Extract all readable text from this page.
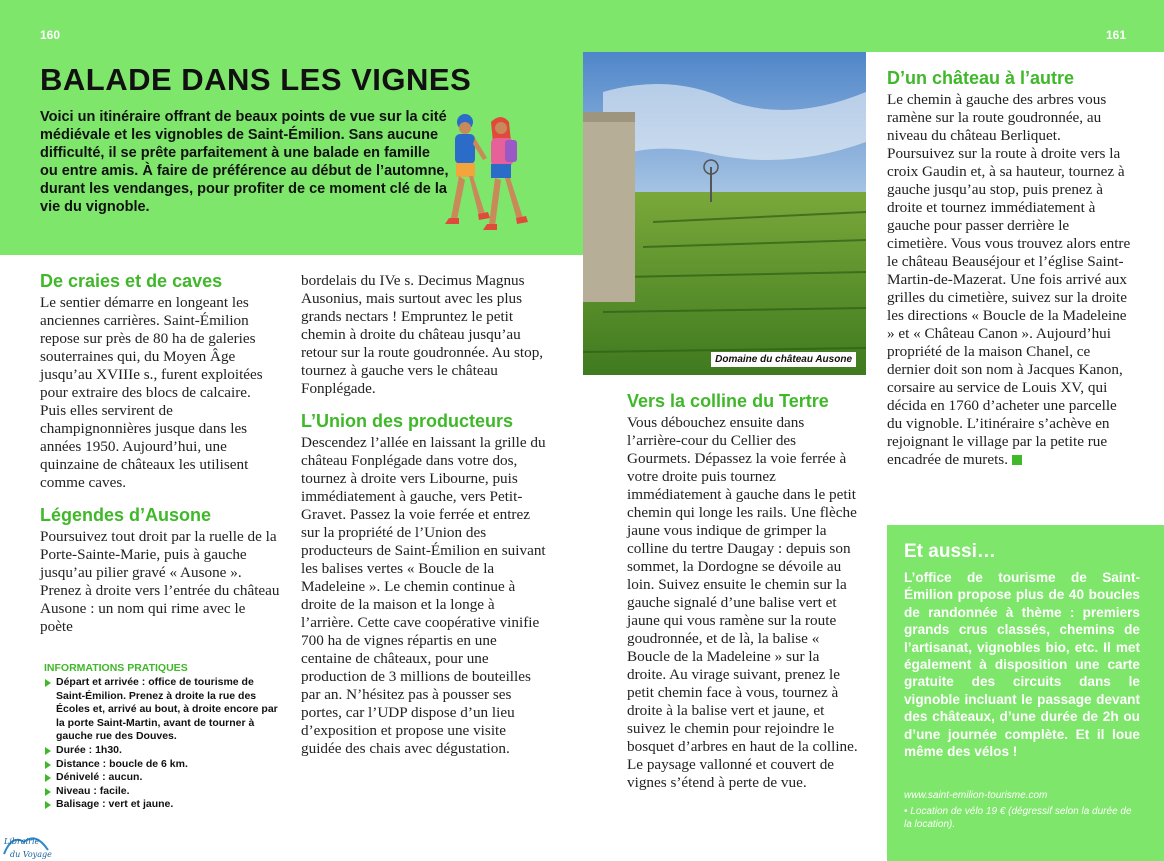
160	161
BALADE DANS LES VIGNES

Voici un itinéraire offrant de beaux points de vue sur la cité médiévale et les vignobles de Saint-Émilion. Sans aucune difficulté, il se prête parfaitement à une balade en famille ou entre amis. À faire de préférence au début de l’automne, durant les vendanges, pour profiter de ce moment clé de la vie du vignoble.

De craies et de caves

Le sentier démarre en longeant les anciennes carrières. Saint-Émilion repose sur près de 80 ha de galeries souterraines qui, du Moyen Âge jusqu’au XVIIIe s., furent exploitées pour extraire des blocs de calcaire. Puis elles servirent de champignonnières jusque dans les années 1950. Aujourd’hui, une quinzaine de châteaux les utilisent comme caves.

Légendes d’Ausone

Poursuivez tout droit par la ruelle de la Porte-Sainte-Marie, puis à gauche jusqu’au pilier gravé « Ausone ». Prenez à droite vers l’entrée du château Ausone : un nom qui rime avec le poète

INFORMATIONS PRATIQUES
Départ et arrivée : office de tourisme de Saint-Émilion. Prenez à droite la rue des Écoles et, arrivé au bout, à droite encore par la porte Saint-Martin, avant de tourner à gauche rue des Douves.
Durée : 1h30.
Distance : boucle de 6 km.
Dénivelé : aucun.
Niveau : facile.
Balisage : vert et jaune.

bordelais du IVe s. Decimus Magnus Ausonius, mais surtout avec les plus grands nectars ! Empruntez le petit chemin à droite du château jusqu’au retour sur la route goudronnée. Au stop, tournez à gauche vers le château Fonplégade.

L’Union des producteurs

Descendez l’allée en laissant la grille du château Fonplégade dans votre dos, tournez à droite vers Libourne, puis immédiatement à gauche, vers Petit-Gravet. Passez la voie ferrée et entrez sur la propriété de l’Union des producteurs de Saint-Émilion en suivant les balises vertes « Boucle de la Madeleine ». Le chemin continue à droite de la maison et la longe à l’arrière. Cette cave coopérative vinifie 700 ha de vignes répartis en une centaine de châteaux, pour une production de 3 millions de bouteilles par an. N’hésitez pas à pousser ses portes, car l’UDP dispose d’un lieu d’exposition et propose une visite guidée des chais avec dégustation.

Domaine du château Ausone
Vers la colline du Tertre

Vous débouchez ensuite dans l’arrière-cour du Cellier des Gourmets. Dépassez la voie ferrée à votre droite puis tournez immédiatement à gauche dans le petit chemin qui longe les rails. Une flèche jaune vous indique de grimper la colline du tertre Daugay : depuis son sommet, la Dordogne se dévoile au loin. Suivez ensuite le chemin sur la gauche signalé d’une balise vert et jaune qui vous ramène sur la route goudronnée, et de là, la balise « Boucle de la Madeleine » sur la droite. Au virage suivant, prenez le petit chemin face à vous, tournez à droite à la balise vert et jaune, et suivez le chemin pour rejoindre le bosquet d’arbres en haut de la colline. Le paysage vallonné et couvert de vignes s’étend à perte de vue.

D’un château à l’autre

Le chemin à gauche des arbres vous ramène sur la route goudronnée, au niveau du château Berliquet. Poursuivez sur la route à droite vers la croix Gaudin et, à sa hauteur, tournez à gauche jusqu’au stop, puis prenez à droite et tournez immédiatement à gauche pour passer derrière le cimetière. Vous vous trouvez alors entre le château Beauséjour et l’église Saint-Martin-de-Mazerat. Une fois arrivé aux grilles du cimetière, suivez sur la droite les directions « Boucle de la Madeleine » et « Château Canon ». Aujourd’hui propriété de la maison Chanel, ce dernier doit son nom à Jacques Kanon, corsaire au service de Louis XV, qui décida en 1760 d’acheter une parcelle du vignoble. L’itinéraire s’achève en rejoignant le village par la petite rue encadrée de murets.

Et aussi…

L’office de tourisme de Saint-Émilion propose plus de 40 boucles de randonnée à thème : premiers grands crus classés, chemins de l’artisanat, vignobles bio, etc. Il met également à disposition une carte gratuite des circuits dans le vignoble incluant le passage devant des châteaux, d’une durée de 2h ou d’une journée complète. Et il loue même des vélos !

www.saint-emilion-tourisme.com

• Location de vélo 19 € (dégressif selon la durée de la location).

Librairie
du Voyage
